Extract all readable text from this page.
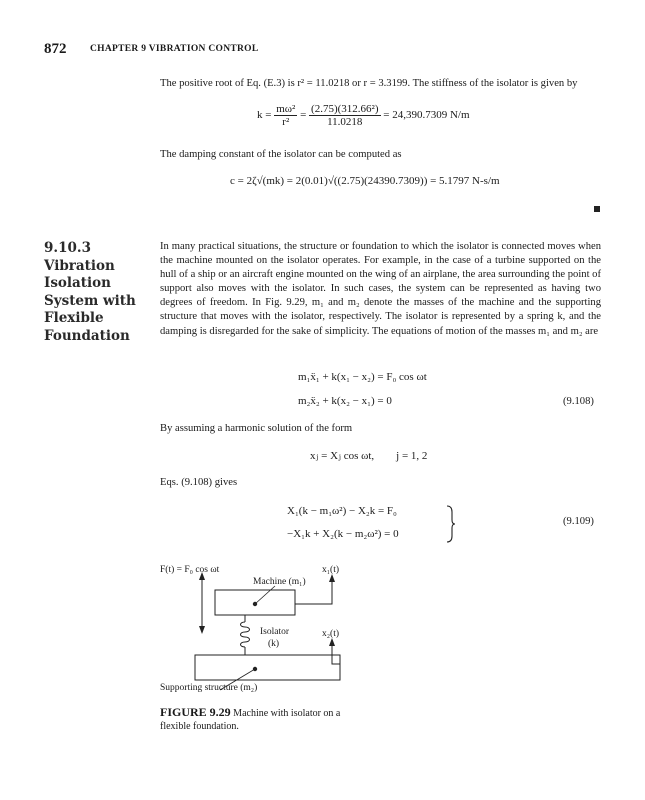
872 CHAPTER 9 VIBRATION CONTROL
The positive root of Eq. (E.3) is r² = 11.0218 or r = 3.3199. The stiffness of the isolator is given by
$k = \frac{\text{mω²}}{\text{r²}} = \frac{\text{(2.75)(312.66²)}}{11.0218} = 24,390.7309$ N/m
The damping constant of the isolator can be computed as
c = 2ζ√(mk) = 2(0.01)√((2.75)(24390.7309)) = 5.1797 N-s/m
9.10.3 Vibration Isolation System with Flexible Foundation
In many practical situations, the structure or foundation to which the isolator is connected moves when the machine mounted on the isolator operates. For example, in the case of a turbine supported on the hull of a ship or an aircraft engine mounted on the wing of an airplane, the area surrounding the point of support also moves with the isolator. In such cases, the system can be represented as having two degrees of freedom. In Fig. 9.29, m₁ and m₂ denote the masses of the machine and the supporting structure that moves with the isolator, respectively. The isolator is represented by a spring k, and the damping is disregarded for the sake of simplicity. The equations of motion of the masses m₁ and m₂ are
m₁ẍ₁ + k(x₁ − x₂) = F₀ cos ωt
m₂ẍ₂ + k(x₂ − x₁) = 0	(9.108)
By assuming a harmonic solution of the form
xⱼ = Xⱼ cos ωt,        j = 1, 2
Eqs. (9.108) gives
X₁(k − m₁ω²) − X₂k = F₀
−X₁k + X₂(k − m₂ω²) = 0
(9.109)
F(t) = F₀ cos ωt	x₁(t)
Machine (m₁)
Isolator
(k)
x₂(t)
Supporting structure (m₂)
FIGURE 9.29 Machine with isolator on a flexible foundation.
